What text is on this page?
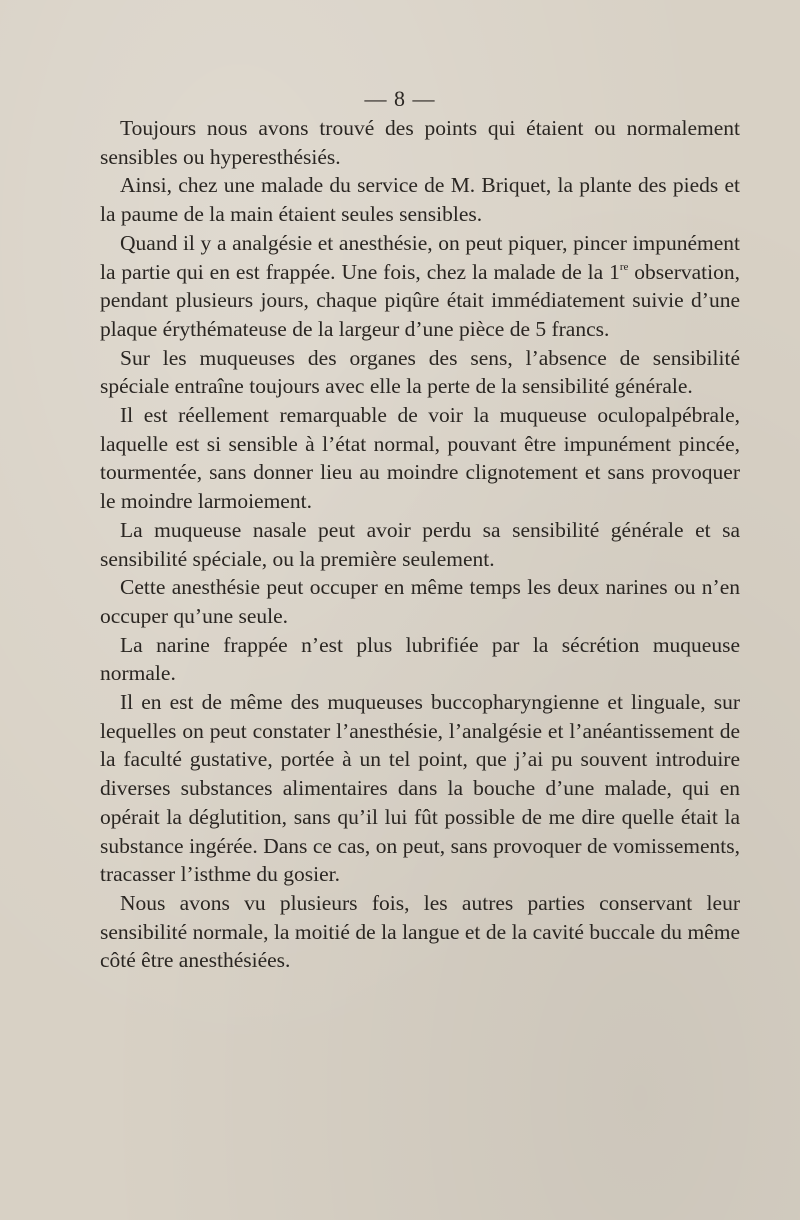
— 8 —

Toujours nous avons trouvé des points qui étaient ou normalement sensibles ou hyperesthésiés.

Ainsi, chez une malade du service de M. Briquet, la plante des pieds et la paume de la main étaient seules sensibles.

Quand il y a analgésie et anesthésie, on peut piquer, pincer impunément la partie qui en est frappée. Une fois, chez la malade de la 1re observation, pendant plusieurs jours, chaque piqûre était immédiatement suivie d’une plaque érythémateuse de la largeur d’une pièce de 5 francs.

Sur les muqueuses des organes des sens, l’absence de sensibilité spéciale entraîne toujours avec elle la perte de la sensibilité générale.

Il est réellement remarquable de voir la muqueuse oculopalpébrale, laquelle est si sensible à l’état normal, pouvant être impunément pincée, tourmentée, sans donner lieu au moindre clignotement et sans provoquer le moindre larmoiement.

La muqueuse nasale peut avoir perdu sa sensibilité générale et sa sensibilité spéciale, ou la première seulement.

Cette anesthésie peut occuper en même temps les deux narines ou n’en occuper qu’une seule.

La narine frappée n’est plus lubrifiée par la sécrétion muqueuse normale.

Il en est de même des muqueuses buccopharyngienne et linguale, sur lequelles on peut constater l’anesthésie, l’analgésie et l’anéantissement de la faculté gustative, portée à un tel point, que j’ai pu souvent introduire diverses substances alimentaires dans la bouche d’une malade, qui en opérait la déglutition, sans qu’il lui fût possible de me dire quelle était la substance ingérée. Dans ce cas, on peut, sans provoquer de vomissements, tracasser l’isthme du gosier.

Nous avons vu plusieurs fois, les autres parties conservant leur sensibilité normale, la moitié de la langue et de la cavité buccale du même côté être anesthésiées.
